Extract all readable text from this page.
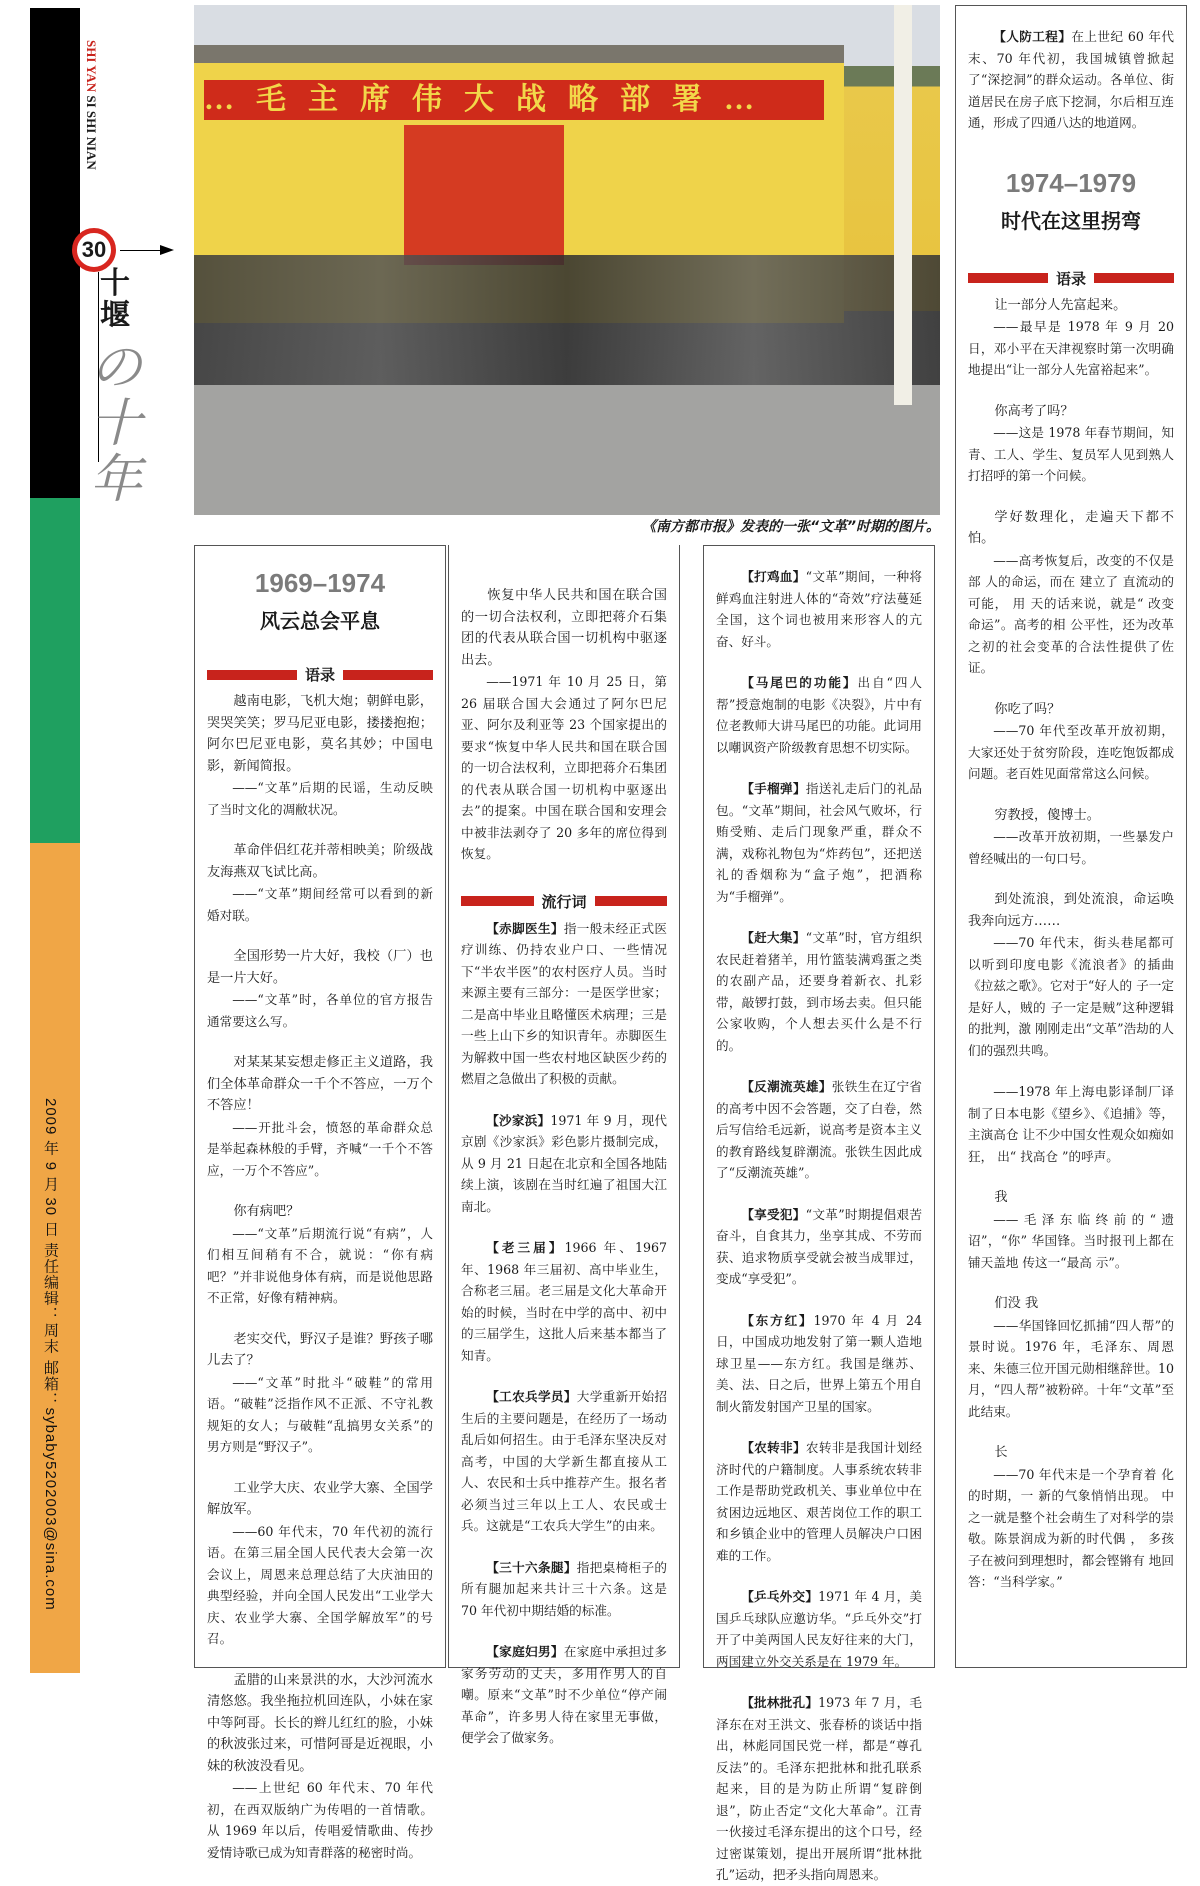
2009 年 9 月 30 日 责任编辑：周末 邮箱：sybaby5202003@sina.com
SHI YAN SI SHI NIAN
30
十堰
の十年
…毛主席伟大战略部署…
《南方都市报》发表的一张“文革”时期的图片。
1969–1974
风云总会平息
语录

越南电影，飞机大炮；朝鲜电影，哭哭笑笑；罗马尼亚电影，搂搂抱抱；阿尔巴尼亚电影，莫名其妙；中国电影，新闻简报。

——“文革”后期的民谣，生动反映了当时文化的凋敝状况。

革命伴侣红花并蒂相映美；阶级战友海燕双飞试比高。

——“文革”期间经常可以看到的新婚对联。

全国形势一片大好，我校（厂）也是一片大好。

——“文革”时，各单位的官方报告通常要这么写。

对某某某妄想走修正主义道路，我们全体革命群众一千个不答应，一万个不答应！

——开批斗会，愤怒的革命群众总是举起森林般的手臂，齐喊“一千个不答应，一万个不答应”。

你有病吧？

——“文革”后期流行说“有病”，人们相互间稍有不合，就说：“你有病吧？”并非说他身体有病，而是说他思路不正常，好像有精神病。

老实交代，野汉子是谁？野孩子哪儿去了？

——“文革”时批斗“破鞋”的常用语。“破鞋”泛指作风不正派、不守礼教规矩的女人；与破鞋“乱搞男女关系”的男方则是“野汉子”。

工业学大庆、农业学大寨、全国学解放军。

——60 年代末，70 年代初的流行语。在第三届全国人民代表大会第一次会议上，周恩来总理总结了大庆油田的典型经验，并向全国人民发出“工业学大庆、农业学大寨、全国学解放军”的号召。

孟腊的山来景洪的水，大沙河流水清悠悠。我坐拖拉机回连队，小妹在家中等阿哥。长长的辫儿红红的脸，小妹的秋波张过来，可惜阿哥是近视眼，小妹的秋波没看见。

——上世纪 60 年代末、70 年代初，在西双版纳广为传唱的一首情歌。从 1969 年以后，传唱爱情歌曲、传抄爱情诗歌已成为知青群落的秘密时尚。

恢复中华人民共和国在联合国的一切合法权利，立即把蒋介石集团的代表从联合国一切机构中驱逐出去。

——1971 年 10 月 25 日，第 26 届联合国大会通过了阿尔巴尼亚、阿尔及利亚等 23 个国家提出的要求“恢复中华人民共和国在联合国的一切合法权利，立即把蒋介石集团的代表从联合国一切机构中驱逐出去”的提案。中国在联合国和安理会中被非法剥夺了 20 多年的席位得到恢复。

流行词

【赤脚医生】指一般未经正式医疗训练、仍持农业户口、一些情况下“半农半医”的农村医疗人员。当时来源主要有三部分：一是医学世家；二是高中毕业且略懂医术病理；三是一些上山下乡的知识青年。赤脚医生为解救中国一些农村地区缺医少药的燃眉之急做出了积极的贡献。

【沙家浜】1971 年 9 月，现代京剧《沙家浜》彩色影片摄制完成，从 9 月 21 日起在北京和全国各地陆续上演，该剧在当时红遍了祖国大江南北。

【老三届】1966 年、1967 年、1968 年三届初、高中毕业生，合称老三届。老三届是文化大革命开始的时候，当时在中学的高中、初中的三届学生，这批人后来基本都当了知青。

【工农兵学员】大学重新开始招生后的主要问题是，在经历了一场动乱后如何招生。由于毛泽东坚决反对高考，中国的大学新生都直接从工人、农民和士兵中推荐产生。报名者必须当过三年以上工人、农民或士兵。这就是“工农兵大学生”的由来。

【三十六条腿】指把桌椅柜子的所有腿加起来共计三十六条。这是 70 年代初中期结婚的标准。

【家庭妇男】在家庭中承担过多家务劳动的丈夫，多用作男人的自嘲。原来“文革”时不少单位“停产闹革命”，许多男人待在家里无事做，便学会了做家务。

【打鸡血】“文革”期间，一种将鲜鸡血注射进人体的“奇效”疗法蔓延全国，这个词也被用来形容人的亢奋、好斗。

【马尾巴的功能】出自“四人帮”授意炮制的电影《决裂》，片中有位老教师大讲马尾巴的功能。此词用以嘲讽资产阶级教育思想不切实际。

【手榴弹】指送礼走后门的礼品包。“文革”期间，社会风气败坏，行贿受贿、走后门现象严重，群众不满，戏称礼物包为“炸药包”，还把送礼的香烟称为“盒子炮”，把酒称为“手榴弹”。

【赶大集】“文革”时，官方组织农民赶着猪羊，用竹篮装满鸡蛋之类的农副产品，还要身着新衣、扎彩带，敲锣打鼓，到市场去卖。但只能公家收购，个人想去买什么是不行的。

【反潮流英雄】张铁生在辽宁省的高考中因不会答题，交了白卷，然后写信给毛远新，说高考是资本主义的教育路线复辟潮流。张铁生因此成了“反潮流英雄”。

【享受犯】“文革”时期提倡艰苦奋斗，自食其力，坐享其成、不劳而获、追求物质享受就会被当成罪过，变成“享受犯”。

【东方红】1970 年 4 月 24 日，中国成功地发射了第一颗人造地球卫星——东方红。我国是继苏、美、法、日之后，世界上第五个用自制火箭发射国产卫星的国家。

【农转非】农转非是我国计划经济时代的户籍制度。人事系统农转非工作是帮助党政机关、事业单位中在贫困边远地区、艰苦岗位工作的职工和乡镇企业中的管理人员解决户口困难的工作。

【乒乓外交】1971 年 4 月，美国乒乓球队应邀访华。“乒乓外交”打开了中美两国人民友好往来的大门，两国建立外交关系是在 1979 年。

【批林批孔】1973 年 7 月，毛泽东在对王洪文、张春桥的谈话中指出，林彪同国民党一样，都是“尊孔反法”的。毛泽东把批林和批孔联系起来，目的是为防止所谓“复辟倒退”，防止否定“文化大革命”。江青一伙接过毛泽东提出的这个口号，经过密谋策划，提出开展所谓“批林批孔”运动，把矛头指向周恩来。

【人防工程】在上世纪 60 年代末、70 年代初，我国城镇曾掀起了“深挖洞”的群众运动。各单位、街道居民在房子底下挖洞，尔后相互连通，形成了四通八达的地道网。

1974–1979
时代在这里拐弯
语录

让一部分人先富起来。

——最早是 1978 年 9 月 20 日，邓小平在天津视察时第一次明确地提出“让一部分人先富裕起来”。

你高考了吗？

——这是 1978 年春节期间，知青、工人、学生、复员军人见到熟人打招呼的第一个问候。

学好数理化，走遍天下都不怕。

——高考恢复后，改变的不仅是部 人的命运，而在 建立了 直流动的可能， 用 天的话来说，就是“ 改变命运”。高考的相 公平性，还为改革之初的社会变革的合法性提供了佐证。

你吃了吗？

——70 年代至改革开放初期，大家还处于贫穷阶段，连吃饱饭都成问题。老百姓见面常常这么问候。

穷教授，傻博士。

——改革开放初期，一些暴发户曾经喊出的一句口号。

到处流浪，到处流浪，命运唤我奔向远方……

——70 年代末，街头巷尾都可以听到印度电影《流浪者》的插曲《拉兹之歌》。它对于“好人的 子一定是好人，贼的 子一定是贼”这种逻辑的批判，激 刚刚走出“文革”浩劫的人们的强烈共鸣。

——1978 年上海电影译制厂译制了日本电影《望乡》、《追捕》等，主演高仓 让不少中国女性观众如痴如狂， 出“ 找高仓 ”的呼声。

我

——毛泽东临终前的“遗诏”，“你” 华国锋。当时报刊上都在铺天盖地 传这一“最高 示”。

们没 我

——华国锋回忆抓捕“四人帮”的 景时说。1976 年，毛泽东、周恩来、朱德三位开国元勋相继辞世。10 月，“四人帮”被粉碎。十年“文革”至此结束。

长

——70 年代末是一个孕育着 化的时期，一 新的气象悄悄出现。 中之一就是整个社会萌生了对科学的崇敬。陈景润成为新的时代偶 ， 多孩子在被问到理想时，都会铿锵有 地回答：“当科学家。”
